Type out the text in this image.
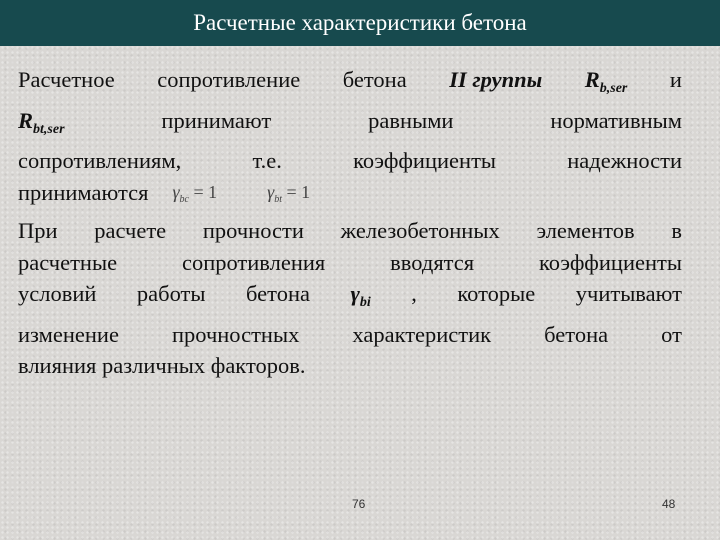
Расчетные характеристики бетона
Расчетное сопротивление бетона II группы $R_{b,ser}$ и
$R_{bt,ser}$	принимают	равными	нормативным
сопротивлениям,	т.е.	коэффициенты	надежности
принимаются $\gamma_{bc} = 1$	$\gamma_{bt} = 1$
При расчете прочности железобетонных элементов в
расчетные	сопротивления	вводятся	коэффициенты
условий работы бетона $\gamma_{bi}$ , которые учитывают
изменение прочностных характеристик бетона от
влияния различных факторов.
76	48
